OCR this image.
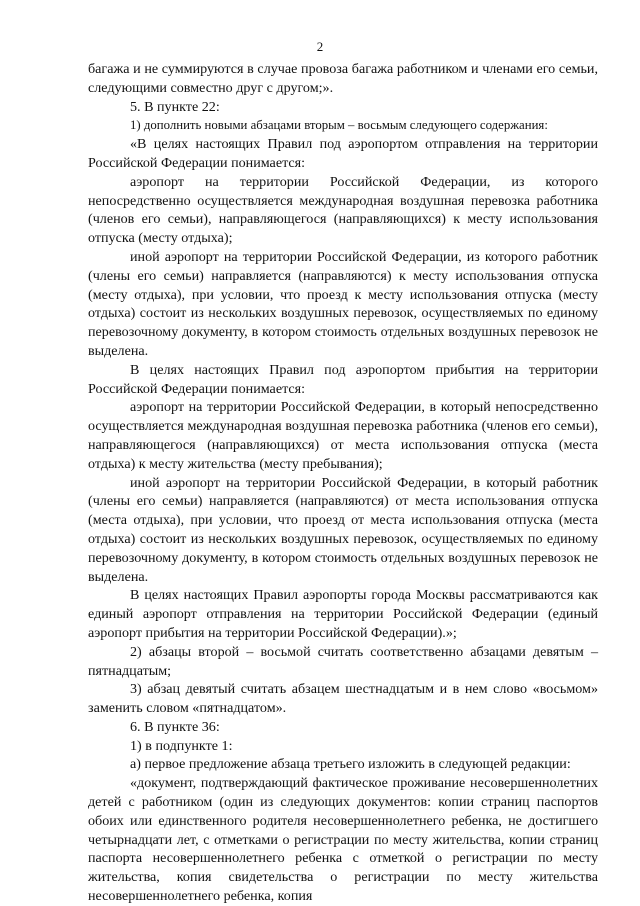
2

багажа и не суммируются в случае провоза багажа работником и членами его семьи, следующими совместно друг с другом;».

5. В пункте 22:

1) дополнить новыми абзацами вторым – восьмым следующего содержания:

«В целях настоящих Правил под аэропортом отправления на территории Российской Федерации понимается:

аэропорт на территории Российской Федерации, из которого непосредственно осуществляется международная воздушная перевозка работника (членов его семьи), направляющегося (направляющихся) к месту использования отпуска (месту отдыха);

иной аэропорт на территории Российской Федерации, из которого работник (члены его семьи) направляется (направляются) к месту использования отпуска (месту отдыха), при условии, что проезд к месту использования отпуска (месту отдыха) состоит из нескольких воздушных перевозок, осуществляемых по единому перевозочному документу, в котором стоимость отдельных воздушных перевозок не выделена.

В целях настоящих Правил под аэропортом прибытия на территории Российской Федерации понимается:

аэропорт на территории Российской Федерации, в который непосредственно осуществляется международная воздушная перевозка работника (членов его семьи), направляющегося (направляющихся) от места использования отпуска (места отдыха) к месту жительства (месту пребывания);

иной аэропорт на территории Российской Федерации, в который работник (члены его семьи) направляется (направляются) от места использования отпуска (места отдыха), при условии, что проезд от места использования отпуска (места отдыха) состоит из нескольких воздушных перевозок, осуществляемых по единому перевозочному документу, в котором стоимость отдельных воздушных перевозок не выделена.

В целях настоящих Правил аэропорты города Москвы рассматриваются как единый аэропорт отправления на территории Российской Федерации (единый аэропорт прибытия на территории Российской Федерации).»;

2) абзацы второй – восьмой считать соответственно абзацами девятым – пятнадцатым;

3) абзац девятый считать абзацем шестнадцатым и в нем слово «восьмом» заменить словом «пятнадцатом».

6. В пункте 36:

1) в подпункте 1:

а) первое предложение абзаца третьего изложить в следующей редакции:

«документ, подтверждающий фактическое проживание несовершеннолетних детей с работником (один из следующих документов: копии страниц паспортов обоих или единственного родителя несовершеннолетнего ребенка, не достигшего четырнадцати лет, с отметками о регистрации по месту жительства, копии страниц паспорта несовершеннолетнего ребенка с отметкой о регистрации по месту жительства, копия свидетельства о регистрации по месту жительства несовершеннолетнего ребенка, копия
